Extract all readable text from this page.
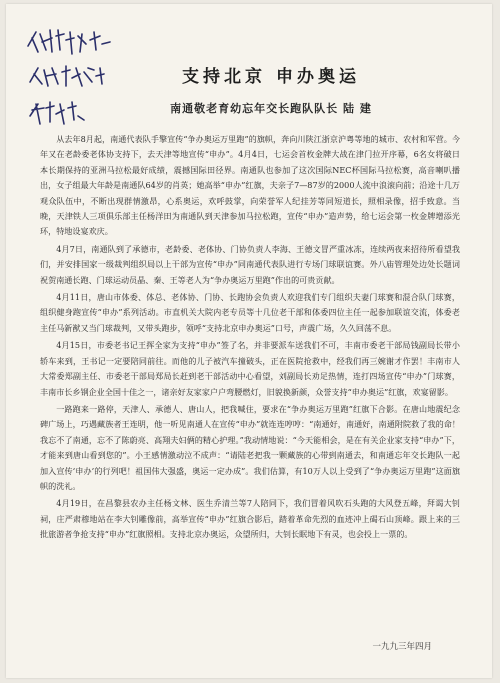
支持北京 申办奥运
南通敬老育幼忘年交长跑队队长 陆 建

从去年8月起，南通代表队手擎宣传“争办奥运万里跑”的旗帜，奔向川陕江浙京沪粤等地的城市、农村和军营。今年又在老龄委老体协支持下，去天津等地宣传“申办”。4月4日，七运会首枚金牌大战在津门拉开序幕，6名女将破日本长期保持的亚洲马拉松最好成绩，震撼国际田径界。南通队也参加了这次国际NEC杯国际马拉松赛，高音喇叭播出，女子组最大年龄是南通队64岁的肖英；她高举“申办”红旗，夫亲子7—87岁的2000人流中浪滚向前；沿途十几万观众队伍中，不断出现群情激昂，心系奥运，欢呼鼓掌，向荣誉军人纪挂芳等同短道长，照相录像，招手致意。当晚，天津铁人三项俱乐部主任杨洋田为南通队到天津参加马拉松跑，宣传“申办”造声势，给七运会第一枚金牌增添光环，特地设宴欢庆。

4月7日，南通队到了承德市，老龄委、老体协、门协负责人李海、王德文冒严重冰冻，连续两夜来招待所看望我们，并安排国家一级裁判组织局以上干部为宣传“申办”同南通代表队进行专场门球联谊赛。外八庙管理处边处长题词祝贺南通长跑、门球运动员晶、秦、王等老人为“争办奥运万里跑”作出的可贵贡献。

4月11日，唐山市体委、体总、老体协、门协、长跑协会负责人欢迎我们专门组织夫妻门球赛和混合队门球赛，组织健身跑宣传“申办”系列活动。市直机关大院内老专员等十几位老干部和体委四位主任一起参加联谊交流，体委老主任马新猷又当门球裁判，又带头跑步，领呼“支持北京申办奥运”口号，声震广场，久久回荡不息。

4月15日，市委老书记王挥全家为支持“申办”签了名，并非要派车送我们不可，丰南市委老干部局钱副局长带小轿车来到，王书记一定要陪同前往。而他的儿子被汽车撞破头，正在医院抢救中，经我们再三婉谢才作罢！丰南市人大常委郑副主任、市委老干部局郑局长赶到老干部活动中心看望，刘副局长劝足热情，连打四场宣传“申办”门球赛，丰南市长乡钢企业全国十佳之一，诸亲好友家家户户弯腰燃灯，旧貌换新颜，众誉支持“申办奥运”红旗，欢宴留影。

一路跑来一路停，天津人、承德人、唐山人，把我喊住，要求在“争办奥运万里跑”红旗下合影。在唐山地震纪念碑广场上，巧遇藏族者王连明，他一听见南通人在宣传“申办”就连连哼哼：“南通好，南通好，南通附院救了我的命！我忘不了南通，忘不了陈蔚亮、高翔夫妇俩的精心护理。”我动情地说：“今天能相会，是在有关企业家支持“申办”下，才能来到唐山看到您的”。小王感情激动泣不成声：“请陆老把我一颗藏族的心带到南通去，和南通忘年交长跑队一起加入宣传‘申办’的行列吧！祖国伟大强盛，奥运一定办成”。我们估算，有10万人以上受到了“争办奥运万里跑”这面旗帜的洗礼。

4月19日，在昌黎县农办主任杨文林、医生乔清兰等7人陪同下，我们冒着风吹石头跑的大风登五峰，拜谒大钊祠，庄严肃穆地站在李大钊雕像前，高举宣传“申办”红旗合影后，踏着革命先烈的血迹冲上碣石山顶峰。跟上来的三批旅游者争抢支持“申办”红旗照相。支持北京办奥运，众望所归，大钊长眠地下有灵，也会投上一票的。

一九九三年四月
